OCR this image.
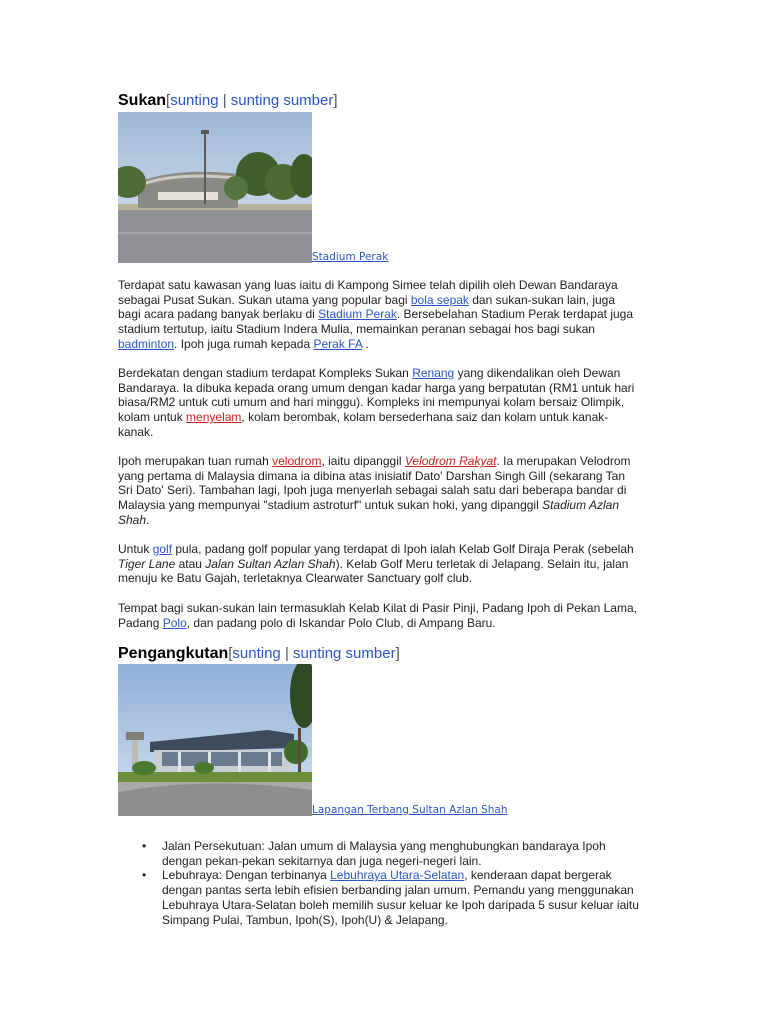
Sukan[sunting | sunting sumber]
Stadium Perak
Terdapat satu kawasan yang luas iaitu di Kampong Simee telah dipilih oleh Dewan Bandaraya sebagai Pusat Sukan. Sukan utama yang popular bagi bola sepak dan sukan-sukan lain, juga bagi acara padang banyak berlaku di Stadium Perak. Bersebelahan Stadium Perak terdapat juga stadium tertutup, iaitu Stadium Indera Mulia, memainkan peranan sebagai hos bagi sukan badminton. Ipoh juga rumah kepada Perak FA .
Berdekatan dengan stadium terdapat Kompleks Sukan Renang yang dikendalikan oleh Dewan Bandaraya. Ia dibuka kepada orang umum dengan kadar harga yang berpatutan (RM1 untuk hari biasa/RM2 untuk cuti umum and hari minggu). Kompleks ini mempunyai kolam bersaiz Olimpik, kolam untuk menyelam, kolam berombak, kolam bersederhana saiz dan kolam untuk kanak-kanak.
Ipoh merupakan tuan rumah velodrom, iaitu dipanggil Velodrom Rakyat. Ia merupakan Velodrom yang pertama di Malaysia dimana ia dibina atas inisiatif Dato' Darshan Singh Gill (sekarang Tan Sri Dato' Seri). Tambahan lagi, Ipoh juga menyerlah sebagai salah satu dari beberapa bandar di Malaysia yang mempunyai "stadium astroturf" untuk sukan hoki, yang dipanggil Stadium Azlan Shah.
Untuk golf pula, padang golf popular yang terdapat di Ipoh ialah Kelab Golf Diraja Perak (sebelah Tiger Lane atau Jalan Sultan Azlan Shah). Kelab Golf Meru terletak di Jelapang. Selain itu, jalan menuju ke Batu Gajah, terletaknya Clearwater Sanctuary golf club.
Tempat bagi sukan-sukan lain termasuklah Kelab Kilat di Pasir Pinji, Padang Ipoh di Pekan Lama, Padang Polo, dan padang polo di Iskandar Polo Club, di Ampang Baru.
Pengangkutan[sunting | sunting sumber]
Lapangan Terbang Sultan Azlan Shah
• Jalan Persekutuan: Jalan umum di Malaysia yang menghubungkan bandaraya Ipoh dengan pekan-pekan sekitarnya dan juga negeri-negeri lain.
• Lebuhraya: Dengan terbinanya Lebuhraya Utara-Selatan, kenderaan dapat bergerak dengan pantas serta lebih efisien berbanding jalan umum. Pemandu yang menggunakan Lebuhraya Utara-Selatan boleh memilih susur keluar ke Ipoh daripada 5 susur keluar iaitu Simpang Pulai, Tambun, Ipoh(S), Ipoh(U) & Jelapang.
